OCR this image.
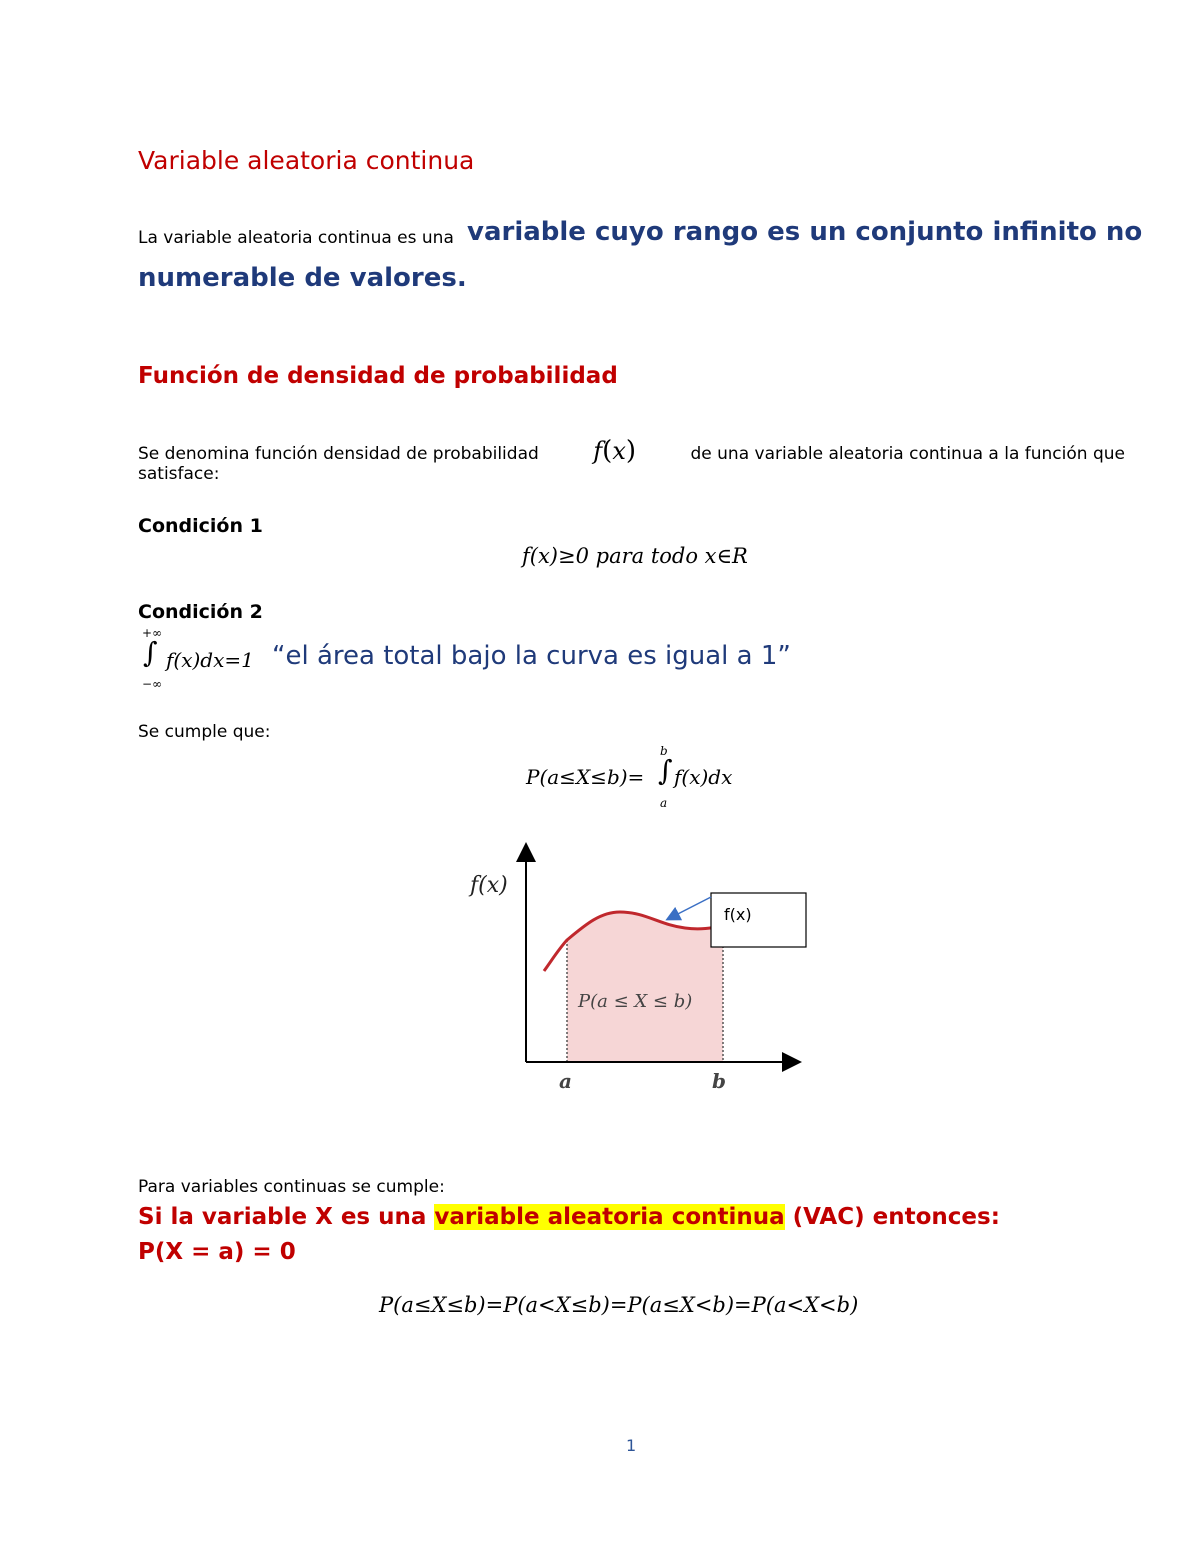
Variable aleatoria continua
La variable aleatoria continua es una variable cuyo rango es un conjunto infinito no
numerable de valores.
Función de densidad de probabilidad
Se denomina función densidad de probabilidad f(x)	de una variable aleatoria continua a la función que
satisface:
Condición 1
f(x)≥0 para todo x∈R
Condición 2
+∞
∫
−∞
f(x)dx=1 “el área total bajo la curva es igual a 1”
Se cumple que:
P(a≤X≤b)=
b
∫
a
f(x)dx
f(x)
P(a ≤ X ≤ b)
a	b
f(x)
Para variables continuas se cumple:
Si la variable X es una variable aleatoria continua (VAC) entonces:
P(X = a) = 0
P(a≤X≤b)=P(a<X≤b)=P(a≤X<b)=P(a<X<b)
1
